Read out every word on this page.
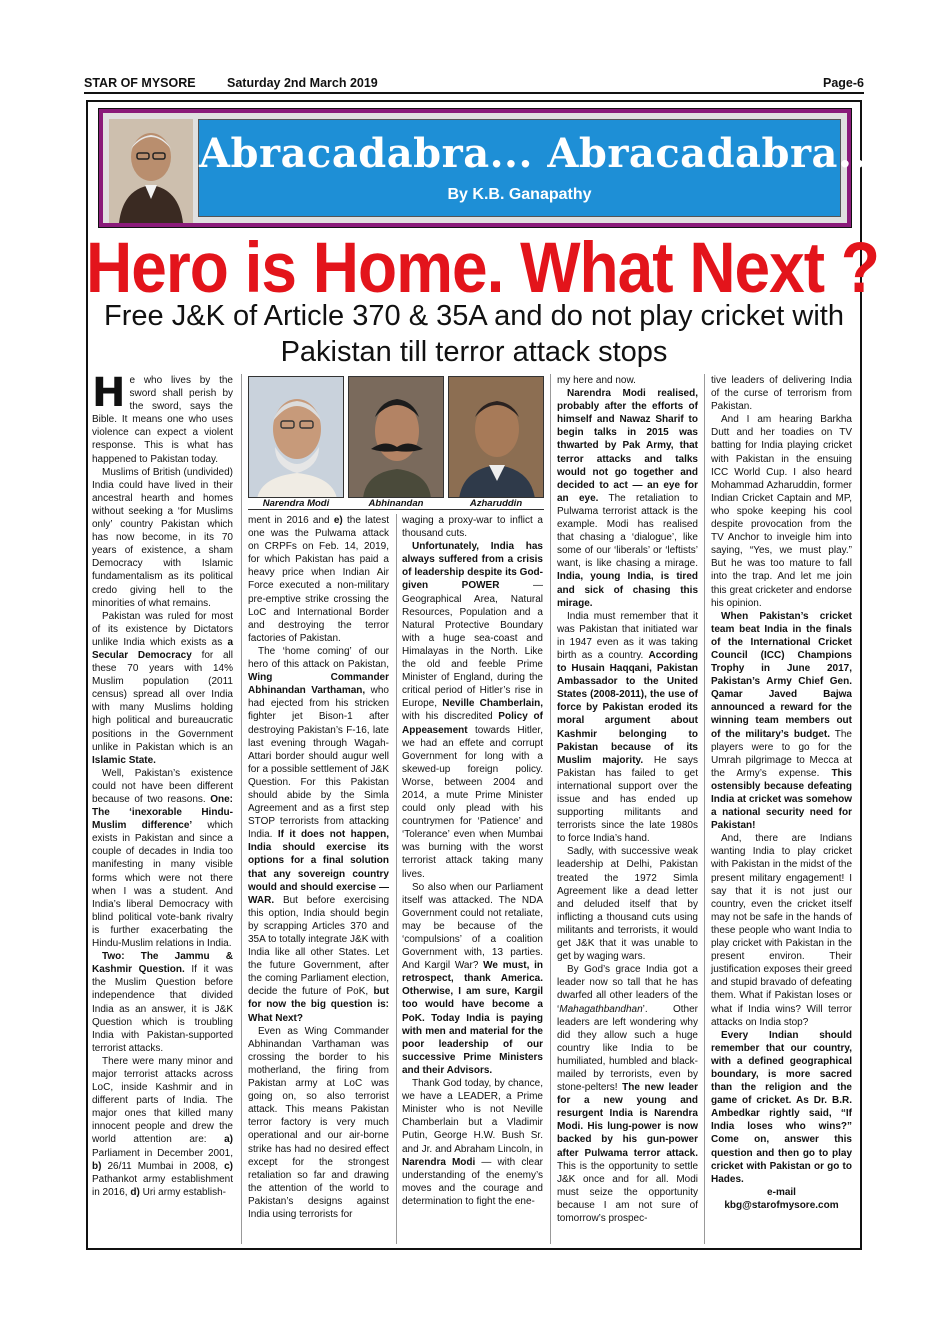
STAR OF MYSORE	Saturday 2nd March 2019	Page-6
Abracadabra... Abracadabra...
By K.B. Ganapathy
Hero is Home. What Next ?
Free J&K of Article 370 & 35A and do not play cricket with Pakistan till terror attack stops
Narendra Modi	Abhinandan	Azharuddin

He who lives by the sword shall perish by the sword, says the Bible. It means one who uses violence can expect a violent response. This is what has happened to Pakistan today.

Muslims of British (undivided) India could have lived in their ancestral hearth and homes without seeking a ‘for Muslims only’ country Pakistan which has now become, in its 70 years of existence, a sham Democracy with Islamic fundamentalism as its political credo giving hell to the minorities of what remains.

Pakistan was ruled for most of its existence by Dictators unlike India which exists as a Secular Democracy for all these 70 years with 14% Muslim population (2011 census) spread all over India with many Muslims holding high political and bureaucratic positions in the Government unlike in Pakistan which is an Islamic State.

Well, Pakistan’s existence could not have been different because of two reasons. One: The ‘inexorable Hindu-Muslim difference’ which exists in Pakistan and since a couple of decades in India too manifesting in many visible forms which were not there when I was a student. And India’s liberal Democracy with blind political vote-bank rivalry is further exacerbating the Hindu-Muslim relations in India.

Two: The Jammu & Kashmir Question. If it was the Muslim Question before independence that divided India as an answer, it is J&K Question which is troubling India with Pakistan-supported terrorist attacks.

There were many minor and major terrorist attacks across LoC, inside Kashmir and in different parts of India. The major ones that killed many innocent people and drew the world attention are: a) Parliament in December 2001, b) 26/11 Mumbai in 2008, c) Pathankot army establishment in 2016, d) Uri army establish-

ment in 2016 and e) the latest one was the Pulwama attack on CRPFs on Feb. 14, 2019, for which Pakistan has paid a heavy price when Indian Air Force executed a non-military pre-emptive strike crossing the LoC and International Border and destroying the terror factories of Pakistan.

The ‘home coming’ of our hero of this attack on Pakistan, Wing Commander Abhinandan Varthaman, who had ejected from his stricken fighter jet Bison-1 after destroying Pakistan’s F-16, late last evening through Wagah-Attari border should augur well for a possible settlement of J&K Question. For this Pakistan should abide by the Simla Agreement and as a first step STOP terrorists from attacking India. If it does not happen, India should exercise its options for a final solution that any sovereign country would and should exercise — WAR. But before exercising this option, India should begin by scrapping Articles 370 and 35A to totally integrate J&K with India like all other States. Let the future Government, after the coming Parliament election, decide the future of PoK, but for now the big question is: What Next?

Even as Wing Commander Abhinandan Varthaman was crossing the border to his motherland, the firing from Pakistan army at LoC was going on, so also terrorist attack. This means Pakistan terror factory is very much operational and our air-borne strike has had no desired effect except for the strongest retaliation so far and drawing the attention of the world to Pakistan’s designs against India using terrorists for

waging a proxy-war to inflict a thousand cuts.

Unfortunately, India has always suffered from a crisis of leadership despite its God-given POWER — Geographical Area, Natural Resources, Population and a Natural Protective Boundary with a huge sea-coast and Himalayas in the North. Like the old and feeble Prime Minister of England, during the critical period of Hitler’s rise in Europe, Neville Chamberlain, with his discredited Policy of Appeasement towards Hitler, we had an effete and corrupt Government for long with a skewed-up foreign policy. Worse, between 2004 and 2014, a mute Prime Minister could only plead with his countrymen for ‘Patience’ and ‘Tolerance’ even when Mumbai was burning with the worst terrorist attack taking many lives.

So also when our Parliament itself was attacked. The NDA Government could not retaliate, may be because of the ‘compulsions’ of a coalition Government with, 13 parties. And Kargil War? We must, in retrospect, thank America. Otherwise, I am sure, Kargil too would have become a PoK. Today India is paying with men and material for the poor leadership of our successive Prime Ministers and their Advisors.

Thank God today, by chance, we have a LEADER, a Prime Minister who is not Neville Chamberlain but a Vladimir Putin, George H.W. Bush Sr. and Jr. and Abraham Lincoln, in Narendra Modi — with clear understanding of the enemy’s moves and the courage and determination to fight the ene-

my here and now.

Narendra Modi realised, probably after the efforts of himself and Nawaz Sharif to begin talks in 2015 was thwarted by Pak Army, that terror attacks and talks would not go together and decided to act — an eye for an eye. The retaliation to Pulwama terrorist attack is the example. Modi has realised that chasing a ‘dialogue’, like some of our ‘liberals’ or ‘leftists’ want, is like chasing a mirage. India, young India, is tired and sick of chasing this mirage.

India must remember that it was Pakistan that initiated war in 1947 even as it was taking birth as a country. According to Husain Haqqani, Pakistan Ambassador to the United States (2008-2011), the use of force by Pakistan eroded its moral argument about Kashmir belonging to Pakistan because of its Muslim majority. He says Pakistan has failed to get international support over the issue and has ended up supporting militants and terrorists since the late 1980s to force India’s hand.

Sadly, with successive weak leadership at Delhi, Pakistan treated the 1972 Simla Agreement like a dead letter and deluded itself that by inflicting a thousand cuts using militants and terrorists, it would get J&K that it was unable to get by waging wars.

By God’s grace India got a leader now so tall that he has dwarfed all other leaders of the ‘Mahagathbandhan’. Other leaders are left wondering why did they allow such a huge country like India to be humiliated, humbled and black-mailed by terrorists, even by stone-pelters! The new leader for a new young and resurgent India is Narendra Modi. His lung-power is now backed by his gun-power after Pulwama terror attack. This is the opportunity to settle J&K once and for all. Modi must seize the opportunity because I am not sure of tomorrow’s prospec-

tive leaders of delivering India of the curse of terrorism from Pakistan.

And I am hearing Barkha Dutt and her toadies on TV batting for India playing cricket with Pakistan in the ensuing ICC World Cup. I also heard Mohammad Azharuddin, former Indian Cricket Captain and MP, who spoke keeping his cool despite provocation from the TV Anchor to inveigle him into saying, “Yes, we must play.” But he was too mature to fall into the trap. And let me join this great cricketer and endorse his opinion.

When Pakistan’s cricket team beat India in the finals of the International Cricket Council (ICC) Champions Trophy in June 2017, Pakistan’s Army Chief Gen. Qamar Javed Bajwa announced a reward for the winning team members out of the military’s budget. The players were to go for the Umrah pilgrimage to Mecca at the Army’s expense. This ostensibly because defeating India at cricket was somehow a national security need for Pakistan!

And, there are Indians wanting India to play cricket with Pakistan in the midst of the present military engagement! I say that it is not just our country, even the cricket itself may not be safe in the hands of these people who want India to play cricket with Pakistan in the present environ. Their justification exposes their greed and stupid bravado of defeating them. What if Pakistan loses or what if India wins? Will terror attacks on India stop?

Every Indian should remember that our country, with a defined geographical boundary, is more sacred than the religion and the game of cricket. As Dr. B.R. Ambedkar rightly said, “If India loses who wins?” Come on, answer this question and then go to play cricket with Pakistan or go to Hades.

e-mail

kbg@starofmysore.com
